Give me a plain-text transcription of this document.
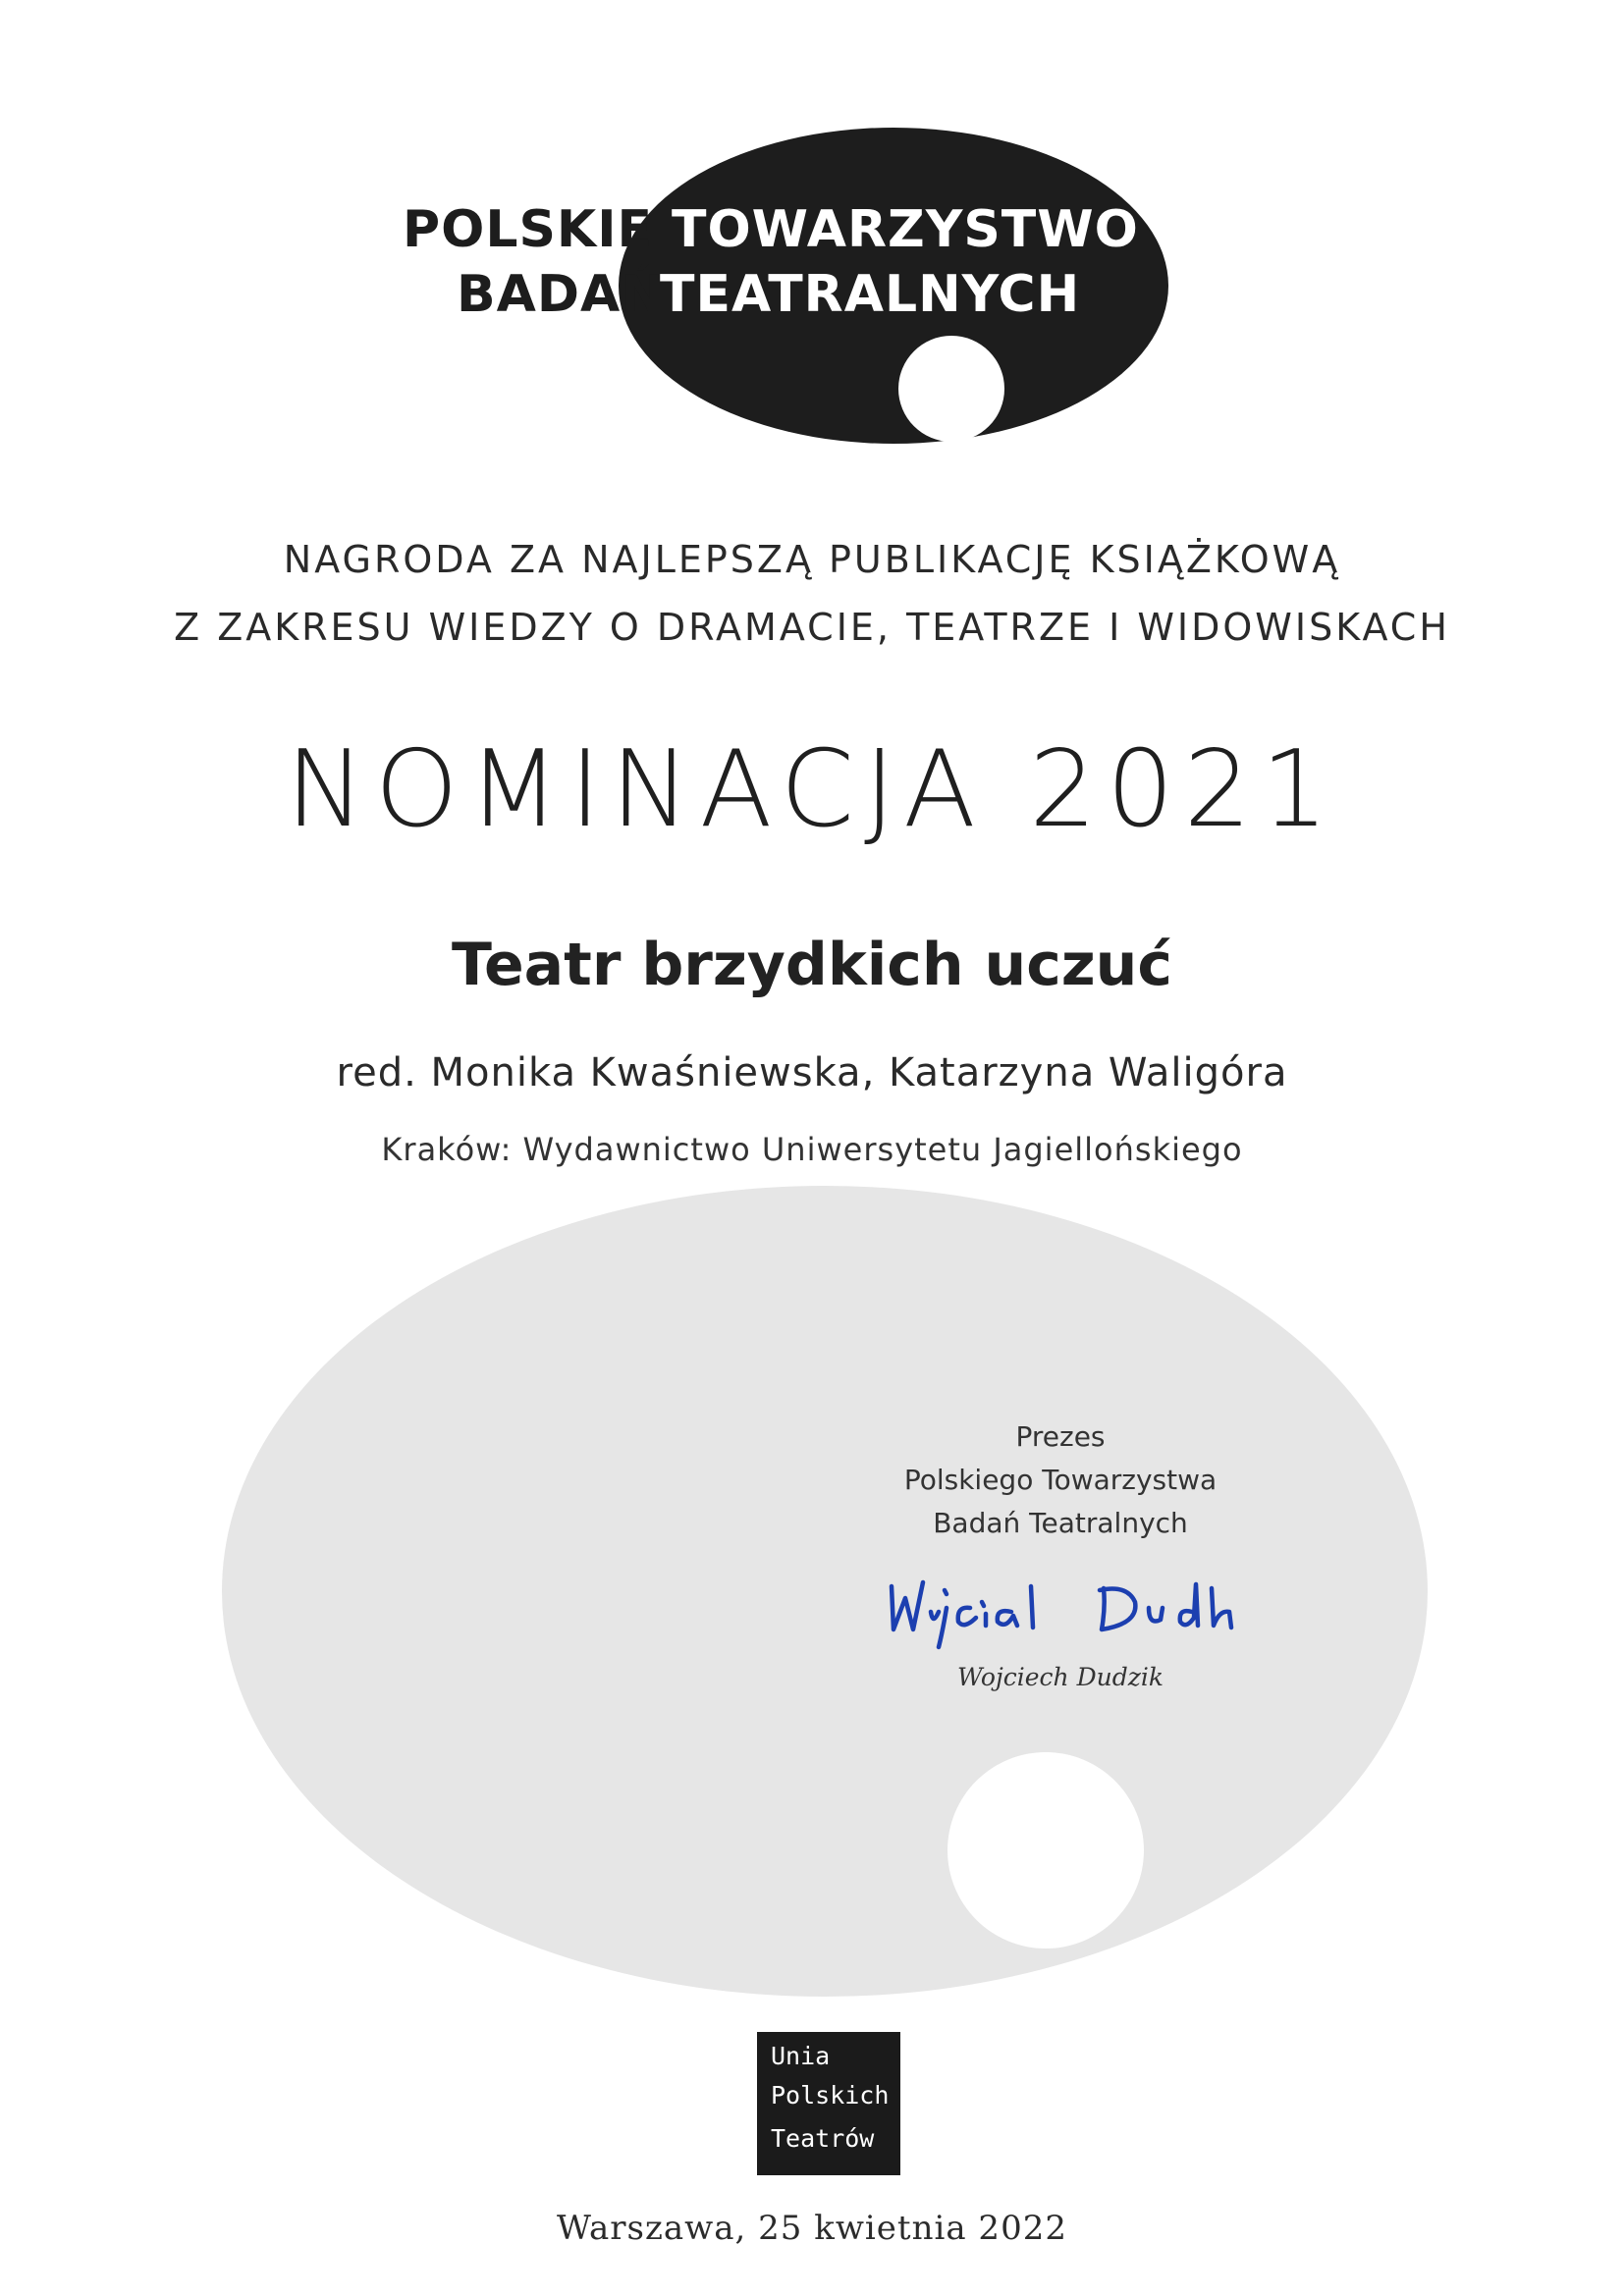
POLSKIE TOWARZYSTWO
BADAŃ
TEATRALNYCH
NAGRODA ZA NAJLEPSZĄ PUBLIKACJĘ KSIĄŻKOWĄ
Z ZAKRESU WIEDZY O DRAMACIE, TEATRZE I WIDOWISKACH
NOMINACJA 2021
Teatr brzydkich uczuć
red. Monika Kwaśniewska, Katarzyna Waligóra
Kraków: Wydawnictwo Uniwersytetu Jagiellońskiego
Prezes
Polskiego Towarzystwa
Badań Teatralnych
Wojciech Dudzik
Unia
Polskich
Teatrów
Warszawa, 25 kwietnia 2022
